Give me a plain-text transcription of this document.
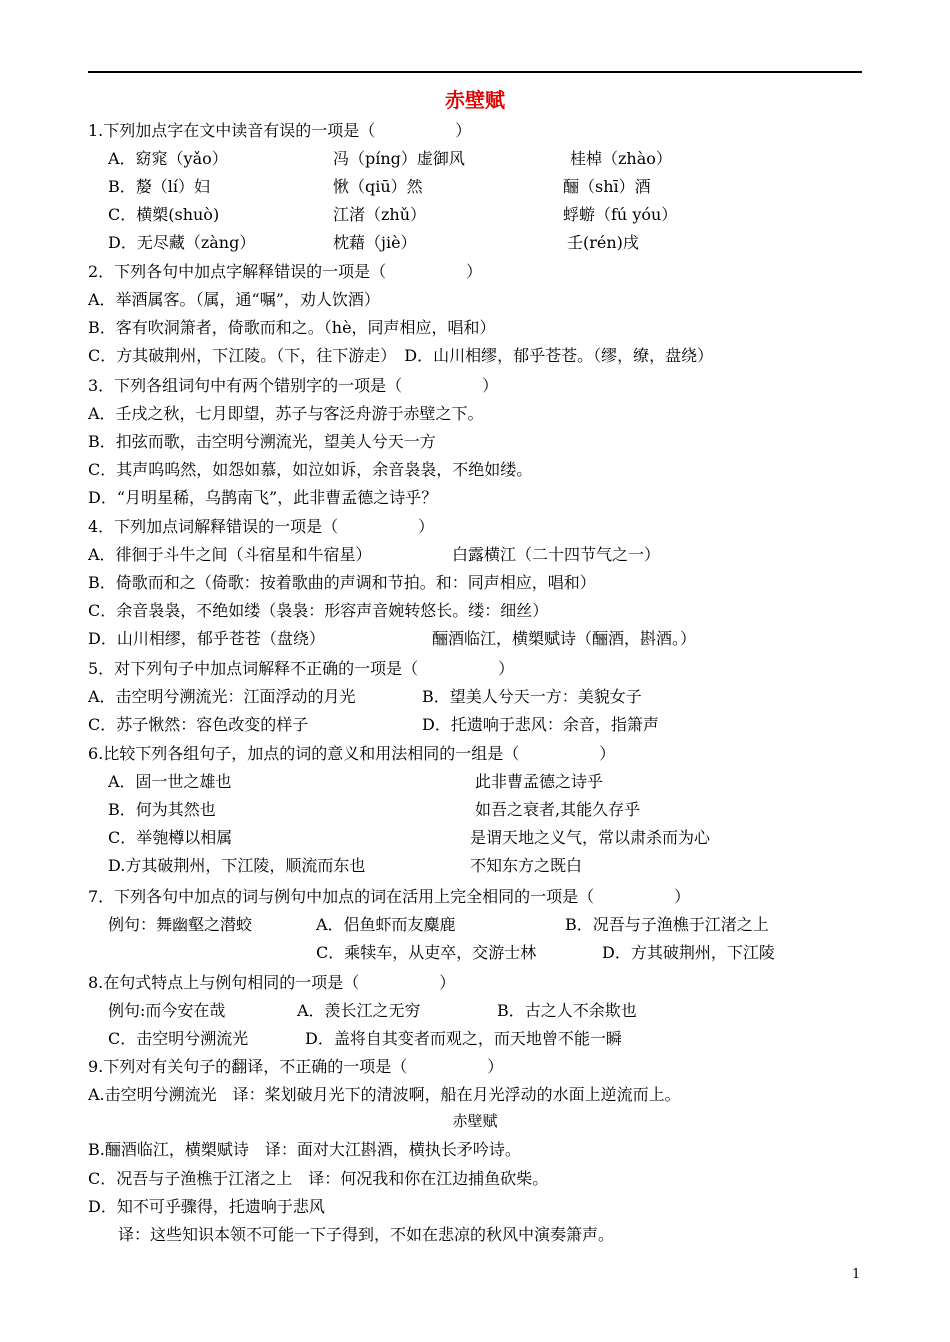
赤壁赋
1.下列加点字在文中读音有误的一项是（　　　　　）
A．窈窕（yǎo）	冯（píng）虚御风	桂棹（zhào）
B．嫠（lí）妇	愀（qiū）然	酾（shī）酒
C．横槊(shuò)	江渚（zhǔ）	蜉蝣（fú yóu）
D．无尽藏（zàng）	枕藉（jiè）	壬(rén)戌
2．下列各句中加点字解释错误的一项是（　　　　　）
A．举酒属客。（属，通“嘱”，劝人饮酒）
B．客有吹洞箫者，倚歌而和之。（hè，同声相应，唱和）
C．方其破荆州，下江陵。（下，往下游走）　D．山川相缪，郁乎苍苍。（缪，缭，盘绕）
3．下列各组词句中有两个错别字的一项是（　　　　　）
A．壬戌之秋，七月即望，苏子与客泛舟游于赤壁之下。
B．扣弦而歌，击空明兮溯流光，望美人兮天一方
C．其声呜呜然，如怨如慕，如泣如诉，余音袅袅，不绝如缕。
D．“月明星稀，乌鹊南飞”，此非曹孟德之诗乎？
4．下列加点词解释错误的一项是（　　　　　）
A．徘徊于斗牛之间（斗宿星和牛宿星）	白露横江（二十四节气之一）
B．倚歌而和之（倚歌：按着歌曲的声调和节拍。和：同声相应，唱和）
C．余音袅袅，不绝如缕（袅袅：形容声音婉转悠长。缕：细丝）
D．山川相缪，郁乎苍苍（盘绕）	酾酒临江，横槊赋诗（酾酒，斟酒。）
5．对下列句子中加点词解释不正确的一项是（　　　　　）
A．击空明兮溯流光：江面浮动的月光	B．望美人兮天一方：美貌女子
C．苏子愀然：容色改变的样子	D．托遗响于悲风：余音，指箫声
6.比较下列各组句子，加点的词的意义和用法相同的一组是（　　　　　）
A．固一世之雄也	此非曹孟德之诗乎
B．何为其然也	如吾之衰者,其能久存乎
C．举匏樽以相属	是谓天地之义气，常以肃杀而为心
D.方其破荆州，下江陵，顺流而东也	不知东方之既白
7．下列各句中加点的词与例句中加点的词在活用上完全相同的一项是（　　　　　）
例句：舞幽壑之潜蛟	A．侣鱼虾而友麋鹿	B．况吾与子渔樵于江渚之上
C．乘犊车，从吏卒，交游士林	D．方其破荆州，下江陵
8.在句式特点上与例句相同的一项是（　　　　　）
例句:而今安在哉	A．羡长江之无穷	B．古之人不余欺也
C．击空明兮溯流光	D．盖将自其变者而观之，而天地曾不能一瞬
9.下列对有关句子的翻译，不正确的一项是（　　　　　）
A.击空明兮溯流光　译：桨划破月光下的清波啊，船在月光浮动的水面上逆流而上。
B.酾酒临江，横槊赋诗　译：面对大江斟酒，横执长矛吟诗。
C．况吾与子渔樵于江渚之上　译：何况我和你在江边捕鱼砍柴。
D．知不可乎骤得，托遗响于悲风
译：这些知识本领不可能一下子得到，不如在悲凉的秋风中演奏箫声。
赤壁赋
1
